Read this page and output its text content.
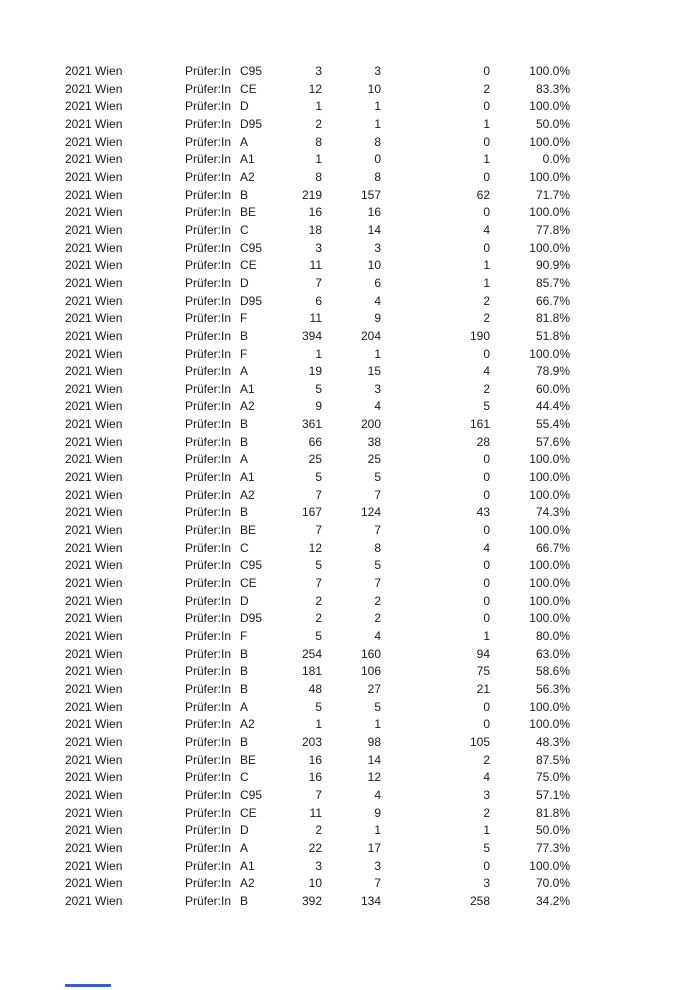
2021 Wien	Prüfer:In C95	3	3	0	100.0%
2021 Wien	Prüfer:In CE	12	10	2	83.3%
2021 Wien	Prüfer:In D	1	1	0	100.0%
2021 Wien	Prüfer:In D95	2	1	1	50.0%
2021 Wien	Prüfer:In A	8	8	0	100.0%
2021 Wien	Prüfer:In A1	1	0	1	0.0%
2021 Wien	Prüfer:In A2	8	8	0	100.0%
2021 Wien	Prüfer:In B	219	157	62	71.7%
2021 Wien	Prüfer:In BE	16	16	0	100.0%
2021 Wien	Prüfer:In C	18	14	4	77.8%
2021 Wien	Prüfer:In C95	3	3	0	100.0%
2021 Wien	Prüfer:In CE	11	10	1	90.9%
2021 Wien	Prüfer:In D	7	6	1	85.7%
2021 Wien	Prüfer:In D95	6	4	2	66.7%
2021 Wien	Prüfer:In F	11	9	2	81.8%
2021 Wien	Prüfer:In B	394	204	190	51.8%
2021 Wien	Prüfer:In F	1	1	0	100.0%
2021 Wien	Prüfer:In A	19	15	4	78.9%
2021 Wien	Prüfer:In A1	5	3	2	60.0%
2021 Wien	Prüfer:In A2	9	4	5	44.4%
2021 Wien	Prüfer:In B	361	200	161	55.4%
2021 Wien	Prüfer:In B	66	38	28	57.6%
2021 Wien	Prüfer:In A	25	25	0	100.0%
2021 Wien	Prüfer:In A1	5	5	0	100.0%
2021 Wien	Prüfer:In A2	7	7	0	100.0%
2021 Wien	Prüfer:In B	167	124	43	74.3%
2021 Wien	Prüfer:In BE	7	7	0	100.0%
2021 Wien	Prüfer:In C	12	8	4	66.7%
2021 Wien	Prüfer:In C95	5	5	0	100.0%
2021 Wien	Prüfer:In CE	7	7	0	100.0%
2021 Wien	Prüfer:In D	2	2	0	100.0%
2021 Wien	Prüfer:In D95	2	2	0	100.0%
2021 Wien	Prüfer:In F	5	4	1	80.0%
2021 Wien	Prüfer:In B	254	160	94	63.0%
2021 Wien	Prüfer:In B	181	106	75	58.6%
2021 Wien	Prüfer:In B	48	27	21	56.3%
2021 Wien	Prüfer:In A	5	5	0	100.0%
2021 Wien	Prüfer:In A2	1	1	0	100.0%
2021 Wien	Prüfer:In B	203	98	105	48.3%
2021 Wien	Prüfer:In BE	16	14	2	87.5%
2021 Wien	Prüfer:In C	16	12	4	75.0%
2021 Wien	Prüfer:In C95	7	4	3	57.1%
2021 Wien	Prüfer:In CE	11	9	2	81.8%
2021 Wien	Prüfer:In D	2	1	1	50.0%
2021 Wien	Prüfer:In A	22	17	5	77.3%
2021 Wien	Prüfer:In A1	3	3	0	100.0%
2021 Wien	Prüfer:In A2	10	7	3	70.0%
2021 Wien	Prüfer:In B	392	134	258	34.2%
